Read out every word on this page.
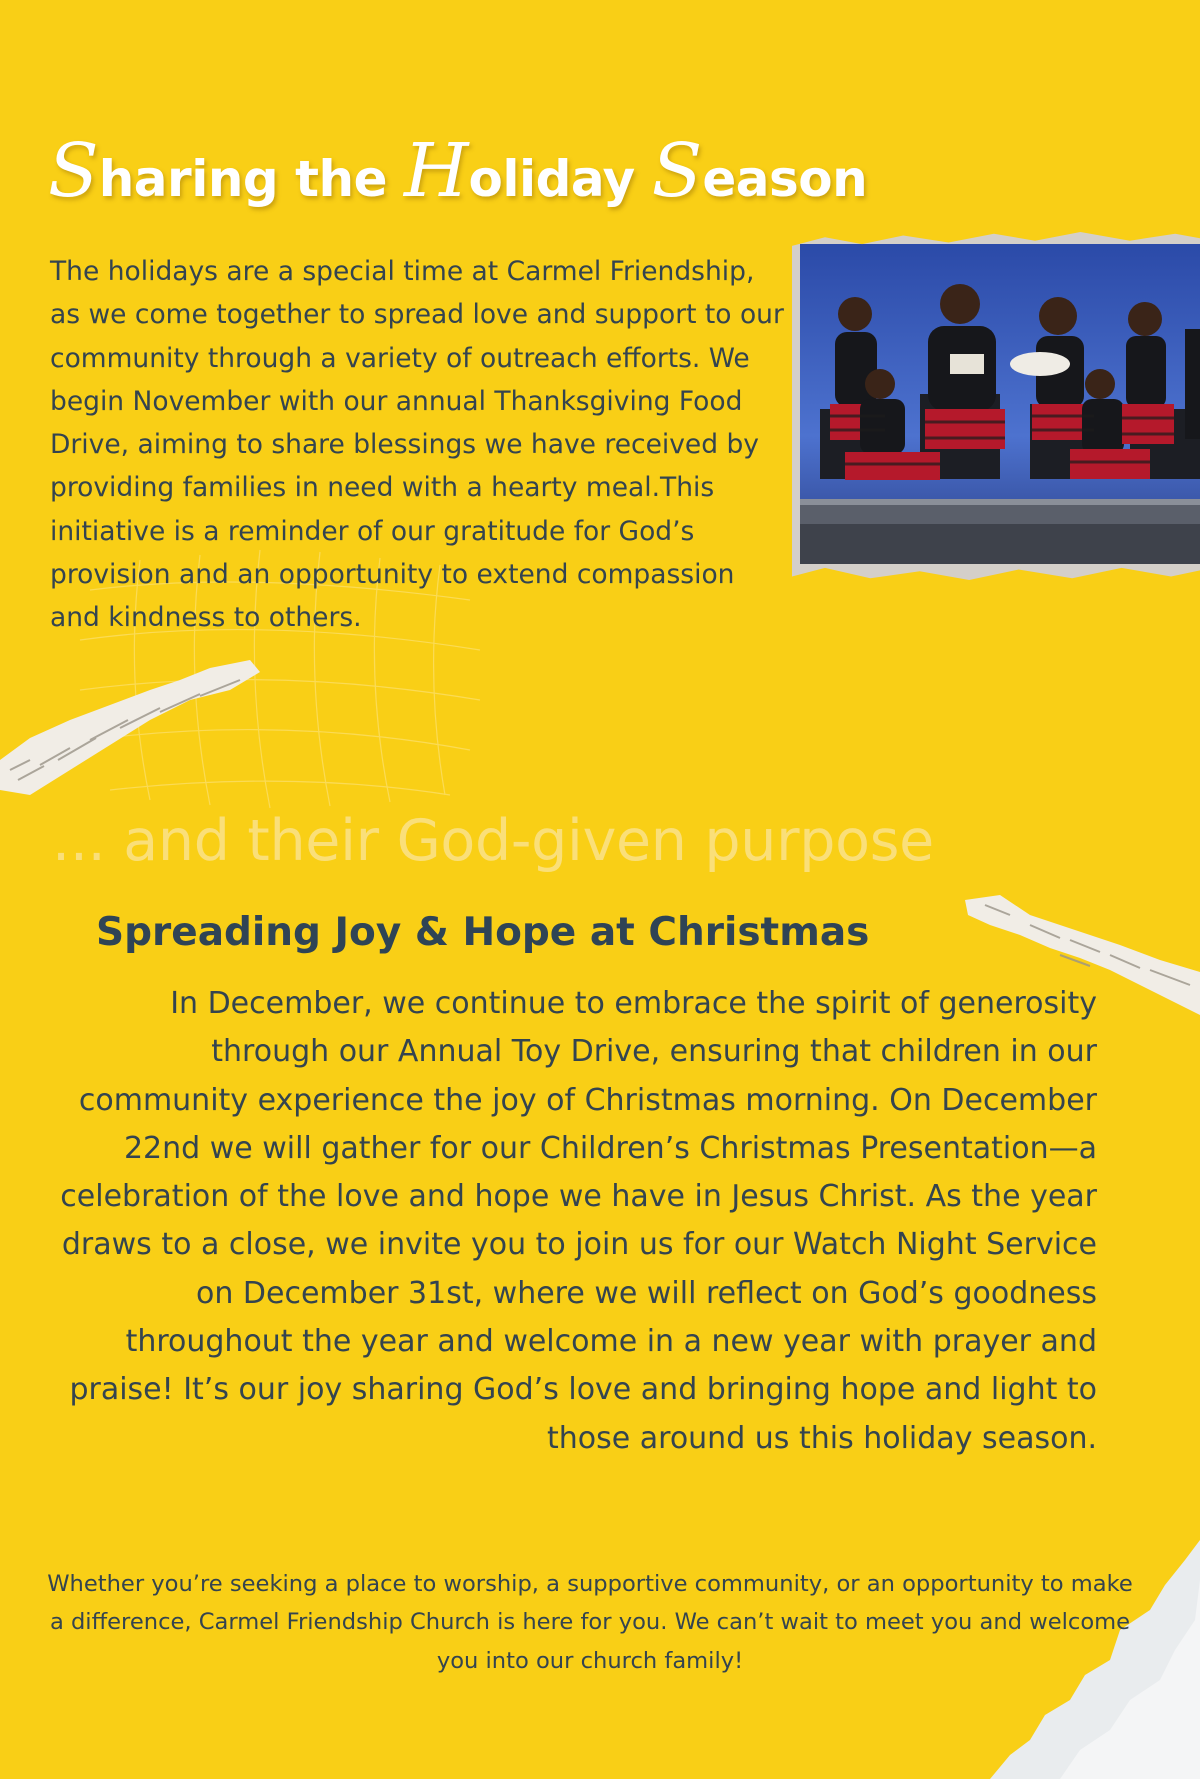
Sharing the Holiday Season

The holidays are a special time at Carmel Friendship, as we come together to spread love and support to our community through a variety of outreach efforts. We begin November with our annual Thanksgiving Food Drive, aiming to share blessings we have received by providing families in need with a hearty meal.This initiative is a reminder of our gratitude for God’s provision and an opportunity to extend compassion and kindness to others.

... and their God-given purpose

Spreading Joy & Hope at Christmas

In December, we continue to embrace the spirit of generosity through our Annual Toy Drive, ensuring that children in our community experience the joy of Christmas morning. On December 22nd we will gather for our Children’s Christmas Presentation—a celebration of the love and hope we have in Jesus Christ. As the year draws to a close, we invite you to join us for our Watch Night Service on December 31st, where we will reflect on God’s goodness throughout the year and welcome in a new year with prayer and praise! It’s our joy sharing God’s love and bringing hope and light to those around us this holiday season.

Whether you’re seeking a place to worship, a supportive community, or an opportunity to make a difference, Carmel Friendship Church is here for you. We can’t wait to meet you and welcome you into our church family!
